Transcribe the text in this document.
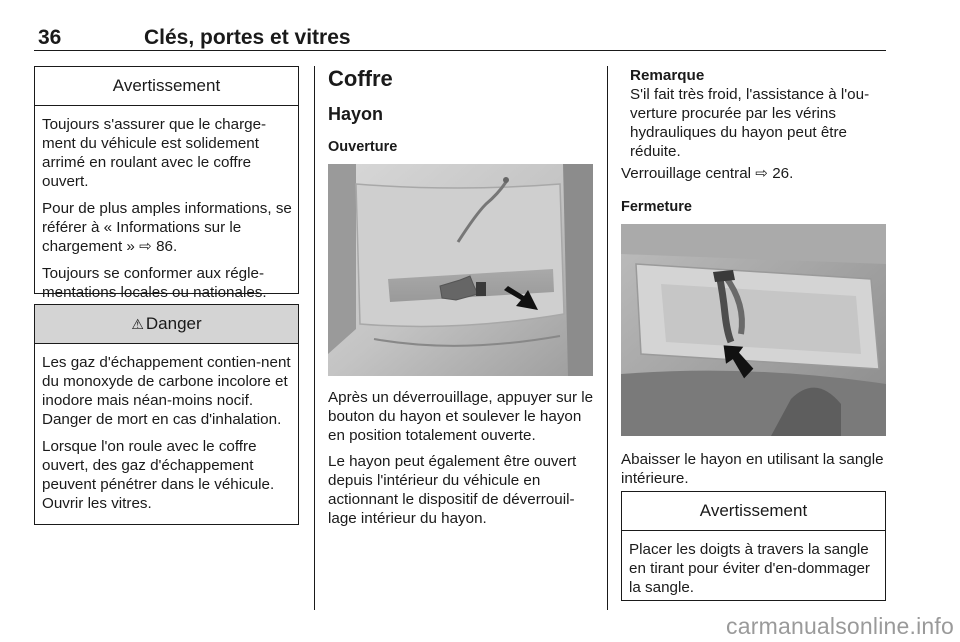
36	Clés, portes et vitres
Avertissement

Toujours s'assurer que le charge-ment du véhicule est solidement arrimé en roulant avec le coffre ouvert.

Pour de plus amples informations, se référer à « Informations sur le chargement » ⇨ 86.

Toujours se conformer aux régle-mentations locales ou nationales.

⚠ Danger

Les gaz d'échappement contien-nent du monoxyde de carbone incolore et inodore mais néan-moins nocif. Danger de mort en cas d'inhalation.

Lorsque l'on roule avec le coffre ouvert, des gaz d'échappement peuvent pénétrer dans le véhicule. Ouvrir les vitres.

Coffre
Hayon
Ouverture

Après un déverrouillage, appuyer sur le bouton du hayon et soulever le hayon en position totalement ouverte.

Le hayon peut également être ouvert depuis l'intérieur du véhicule en actionnant le dispositif de déverrouil-lage intérieur du hayon.

Remarque
S'il fait très froid, l'assistance à l'ou-verture procurée par les vérins hydrauliques du hayon peut être réduite.
Verrouillage central ⇨ 26.
Fermeture
Abaisser le hayon en utilisant la sangle intérieure.
Avertissement
Placer les doigts à travers la sangle en tirant pour éviter d'en-dommager la sangle.
carmanualsonline.info
